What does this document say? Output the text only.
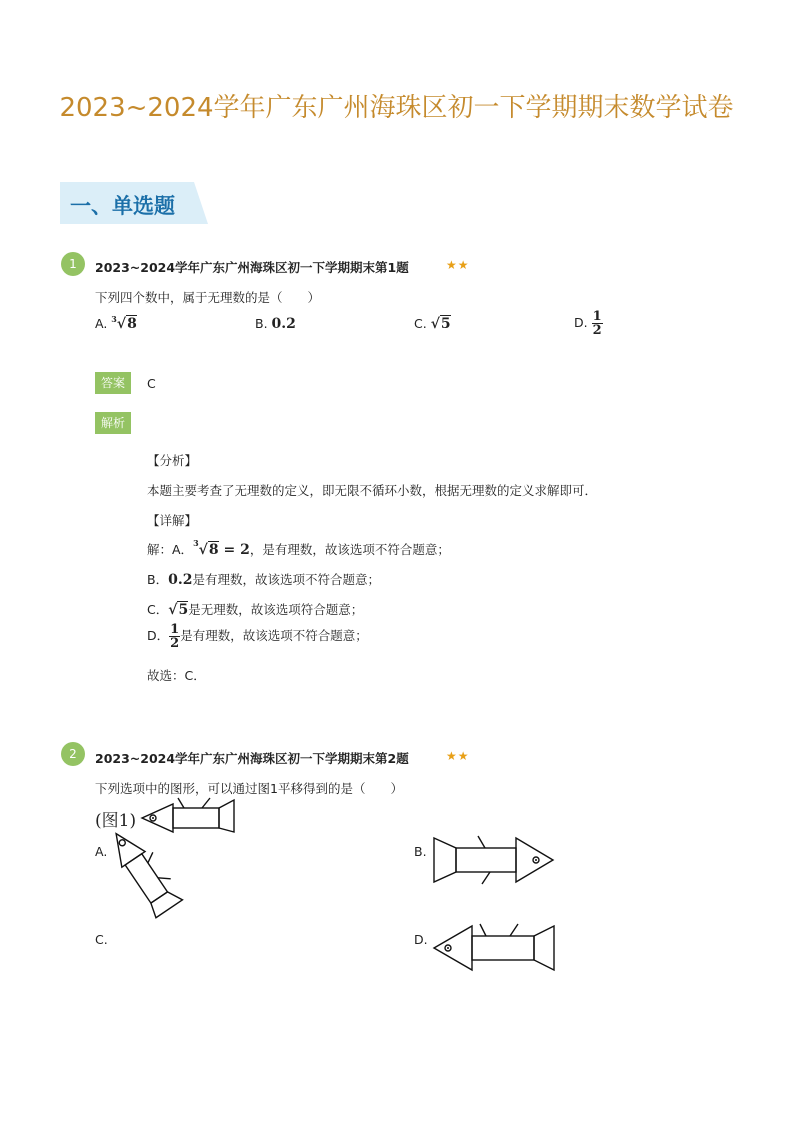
2023~2024学年广东广州海珠区初一下学期期末数学试卷
一、单选题
1	2023~2024学年广东广州海珠区初一下学期期末第1题	★★
下列四个数中，属于无理数的是（　　）
A. $^3$√8	B. 0.2	C. √5	D. $\frac{1}{2}$
答案	C
解析
【分析】
本题主要考查了无理数的定义，即无限不循环小数，根据无理数的定义求解即可．
【详解】
解：A．$^3$√8 = 2，是有理数，故该选项不符合题意；
B．0.2是有理数，故该选项不符合题意；
C．√5是无理数，故该选项符合题意；
D． $\frac{1}{2}$ 是有理数，故该选项不符合题意；
故选：C．
2	2023~2024学年广东广州海珠区初一下学期期末第2题	★★
下列选项中的图形，可以通过图1平移得到的是（　　）
(图1)
A.	B.
C.	D.
